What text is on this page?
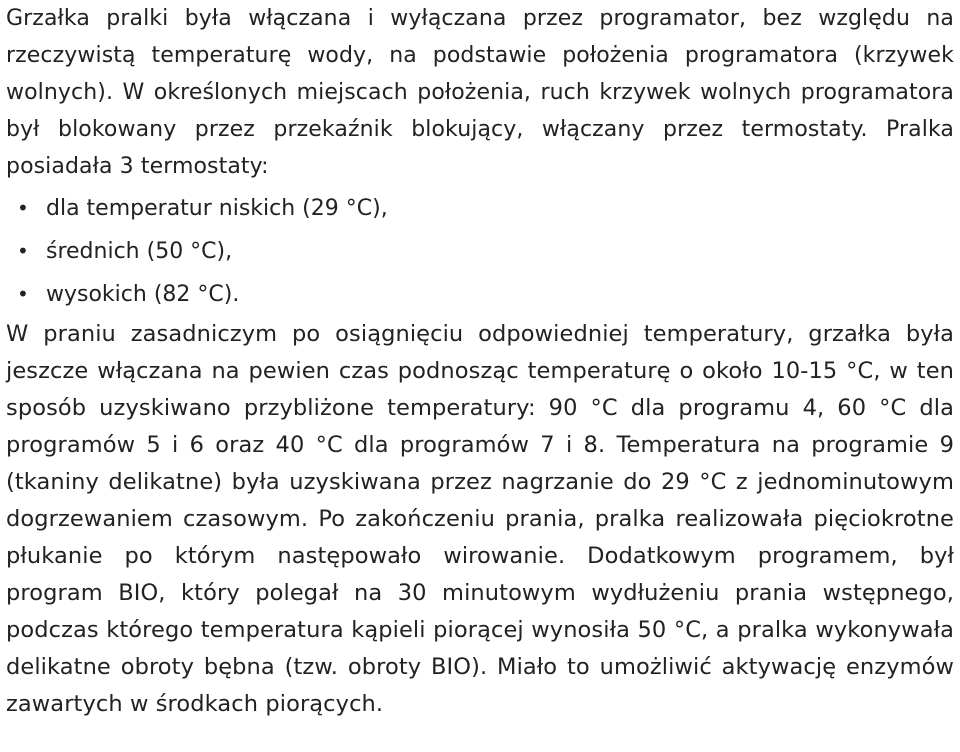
Grzałka pralki była włączana i wyłączana przez programator, bez względu na rzeczywistą temperaturę wody, na podstawie położenia programatora (krzywek wolnych). W określonych miejscach położenia, ruch krzywek wolnych programatora był blokowany przez przekaźnik blokujący, włączany przez termostaty. Pralka posiadała 3 termostaty:

• dla temperatur niskich (29 °C),
• średnich (50 °C),
• wysokich (82 °C).

W praniu zasadniczym po osiągnięciu odpowiedniej temperatury, grzałka była jeszcze włączana na pewien czas podnosząc temperaturę o około 10-15 °C, w ten sposób uzyskiwano przybliżone temperatury: 90 °C dla programu 4, 60 °C dla programów 5 i 6 oraz 40 °C dla programów 7 i 8. Temperatura na programie 9 (tkaniny delikatne) była uzyskiwana przez nagrzanie do 29 °C z jednominutowym dogrzewaniem czasowym. Po zakończeniu prania, pralka realizowała pięciokrotne płukanie po którym następowało wirowanie. Dodatkowym programem, był program BIO, który polegał na 30 minutowym wydłużeniu prania wstępnego, podczas którego temperatura kąpieli piorącej wynosiła 50 °C, a pralka wykonywała delikatne obroty bębna (tzw. obroty BIO). Miało to umożliwić aktywację enzymów zawartych w środkach piorących.
